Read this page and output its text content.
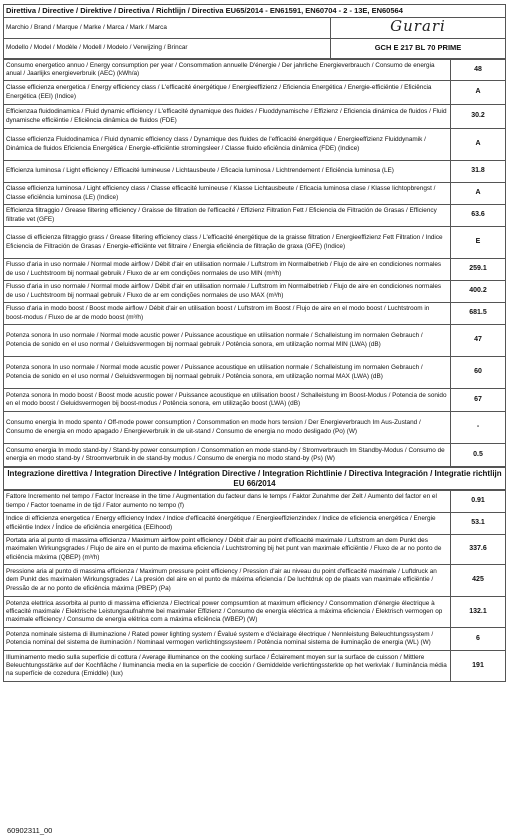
Direttiva / Directive / Direktive / Directiva / Richtlijn / Directiva EU65/2014 - EN61591, EN60704 - 2 - 13E, EN60564
Marchio / Brand / Marque / Marke / Marca / Mark / Marca	Gurari
Modello / Model / Modèle / Modell / Modelo / Verwijzing / Brincar	GCH E 217 BL 70 PRIME
Consumo energetico annuo / Energy consumption per year / Consommation annuelle D'énergie / Der jahrliche Energieverbrauch / Consumo de energia anual / Jaarlijks energieverbruik (AEC) (kWh/a)	48
Classe efficienza energetica / Energy efficiency class / L'efficacité énergétique / Energieeffizienz / Eficiencia Energética / Energie-efficiëntie / Eficiência Energética (EEI) (Indice)	A
Efficienzaa fluidodinamica / Fluid dynamic efficiency / L'efficacité dynamique des fluides / Fluoddynamische / Effizienz / Eficiencia dinámica de fluidos / Fluid dynamische efficiëntie / Eficiência dinâmica de fluidos (FDE)	30.2
Classe efficienza Fluidodinamica / Fluid dynamic efficiency class / Dynamique des fluides de l'efficacité énergétique / Energieeffizienz Fluiddynamik / Dinámica de fluidos Eficiencia Energética / Energie-efficiëntie stromingsleer / Classe fluido eficiência dinâmica (FDE) (Indice)	A
Efficienza luminosa / Light efficiency / Efficacité lumineuse / Lichtausbeute / Eficacia luminosa / Lichtrendement / Eficiência luminosa (LE)	31.8
Classe efficienza luminosa / Light efficiency class / Classe efficacité lumineuse / Klasse Lichtausbeute / Eficacia luminosa clase / Klasse lichtopbrengst / Classe eficiência luminosa (LE) (Indice)	A
Efficienza filtraggio / Grease filtering efficiency / Graisse de filtration de l'efficacité / Effizienz Filtration Fett / Eficiencia de Filtración de Grasas / Efficiency filtratie vet (GFE)	63.6
Classe di efficienza filtraggio grass / Grease filtering efficiency class / L'efficacité énergétique de la graisse filtration / Energieeffizienz Fett Filtration / Indice Eficiencia de Filtración de Grasas / Energie-efficiënte vet filtraire / Energia eficiência de filtração de graxa (GFE) (Indice)	E
Flusso d'aria in uso normale / Normal mode airflow / Débit d'air en utilisation normale / Luftstrom im Normalbetrieb / Flujo de aire en condiciones normales de uso / Luchtstroom bij normaal gebruik / Fluxo de ar em condições normales de uso MIN (m³/h)	259.1
Flusso d'aria in uso normale / Normal mode airflow / Débit d'air en utilisation normale / Luftstrom im Normalbetrieb / Flujo de aire en condiciones normales de uso / Luchtstroom bij normaal gebruik / Fluxo de ar em condições normales de uso MAX (m³/h)	400.2
Flusso d'aria in modo boost / Boost mode airflow / Débit d'air en utilisation boost / Luftstrom im Boost / Flujo de aire en el modo boost / Luchtstroom in boost-modus / Fluxo de ar de modo boost (m³/h)	681.5
Potenza sonora In uso normale / Normal mode acustic power / Puissance acoustique en utilisation normale / Schalleistung im normalen Gebrauch / Potencia de sonido en el uso normal / Geluidsvermogen bij normaal gebruik / Potência sonora, em utilização normal MIN (LWA) (dB)	47
Potenza sonora In uso normale / Normal mode acustic power / Puissance acoustique en utilisation normale / Schalleistung im normalen Gebrauch / Potencia de sonido en el uso normal / Geluidsvermogen bij normaal gebruik / Potência sonora, em utilização normal MAX (LWA) (dB)	60
Potenza sonora In modo boost / Boost mode acustic power / Puissance acoustique en utilisation boost / Schalleistung im Boost-Modus / Potencia de sonido en el modo boost / Geluidsvermogen bij boost-modus / Potência sonora, em utilização boost (LWA) (dB)	67
Consumo energia In modo spento / Off-mode power consumption / Consommation en mode hors tension / Der Energieverbrauch Im Aus-Zustand / Consumo de energia en modo apagado / Energieverbruik in de uit-stand / Consumo de energia no modo desligado (Po) (W)	-
Consumo energia In modo stand-by / Stand-by power consumption / Consommation en mode stand-by / Stromverbrauch Im Standby-Modus / Consumo de energia en modo stand-by / Stroomverbruik in de stand-by modus / Consumo de energia no modo stand-by (Ps) (W)	0.5
Integrazione direttiva / Integration Directive / Intégration Directive / Integration Richtlinie / Directiva Integración / Integratie richtlijn EU 66/2014
Fattore Incremento nel tempo / Factor Increase in the time / Augmentation du facteur dans le temps / Faktor Zunahme der Zelt / Aumento del factor en el tiempo / Factor toename in de tijd / Fator aumento no tempo (f)	0.91
Indice di efficienza energetica / Energy efficiency Index / Indice d'efficacité énergétique / Energieeffizienzindex / Indice de eficiencia energética / Energie efficiëntie Index / Índice de eficiência energética (EEIhood)	53.1
Portata aria al punto di massima efficienza / Maximum airflow point efficiency / Débit d'air au point d'efficacité maximale / Luftstrom an dem Punkt des maximalen Wirkungsgrades / Flujo de aire en el punto de maxima eficiencia / Luchtstroming bij het punt van maximale efficiëntie / Fluxo de ar no ponto de eficiência máxima (QBEP) (m³/h)	337.6
Pressione aria al punto di massima efficienza / Maximum pressure point efficiency / Pression d'air au niveau du point d'efficacité maximale / Luftdruck an dem Punkt des maximalen Wirkungsgrades / La presión del aire en el punto de máxima eficiencia / De luchtdruk op de plaats van maximale efficiëntie / Pressão de ar no ponto de eficiência máxima (PBEP) (Pa)	425
Potenza elettrica assorbita al punto di massima efficienza / Electrical power compsumtion at maximum efficiency / Consommation d'énergie électrique à efficacité maximale / Elektrische Leistungsaufnahme bei maximaler Effizienz / Consumo de energía eléctrica a máxima eficiencia / Elektrisch vermogen op maximale efficiency / Consumo de energia elétrica com a máxima eficiência (WBEP) (W)	132.1
Potenza nominale sistema di illuminazione / Rated power lighting system / Évalué system e d'éclairage électrique / Nennleistung Beleuchtungssystem / Potencia nominal del sistema de iluminación / Nominaal vermogen verlichtingssysteem / Potência nominal sistema de iluminação de energia (WL) (W)	6
Illuminamento medio sulla superficie di cottura / Average illuminance on the cooking surface / Éclairement moyen sur la surface de cuisson / Mittlere Beleuchtungsstärke auf der Kochfläche / Iluminancia media en la superficie de cocción / Gemiddelde verlichtingssterkte op het werkvlak / Iluminância média na superfície de cozedura (Emiddle) (lux)	191
60902311_00
